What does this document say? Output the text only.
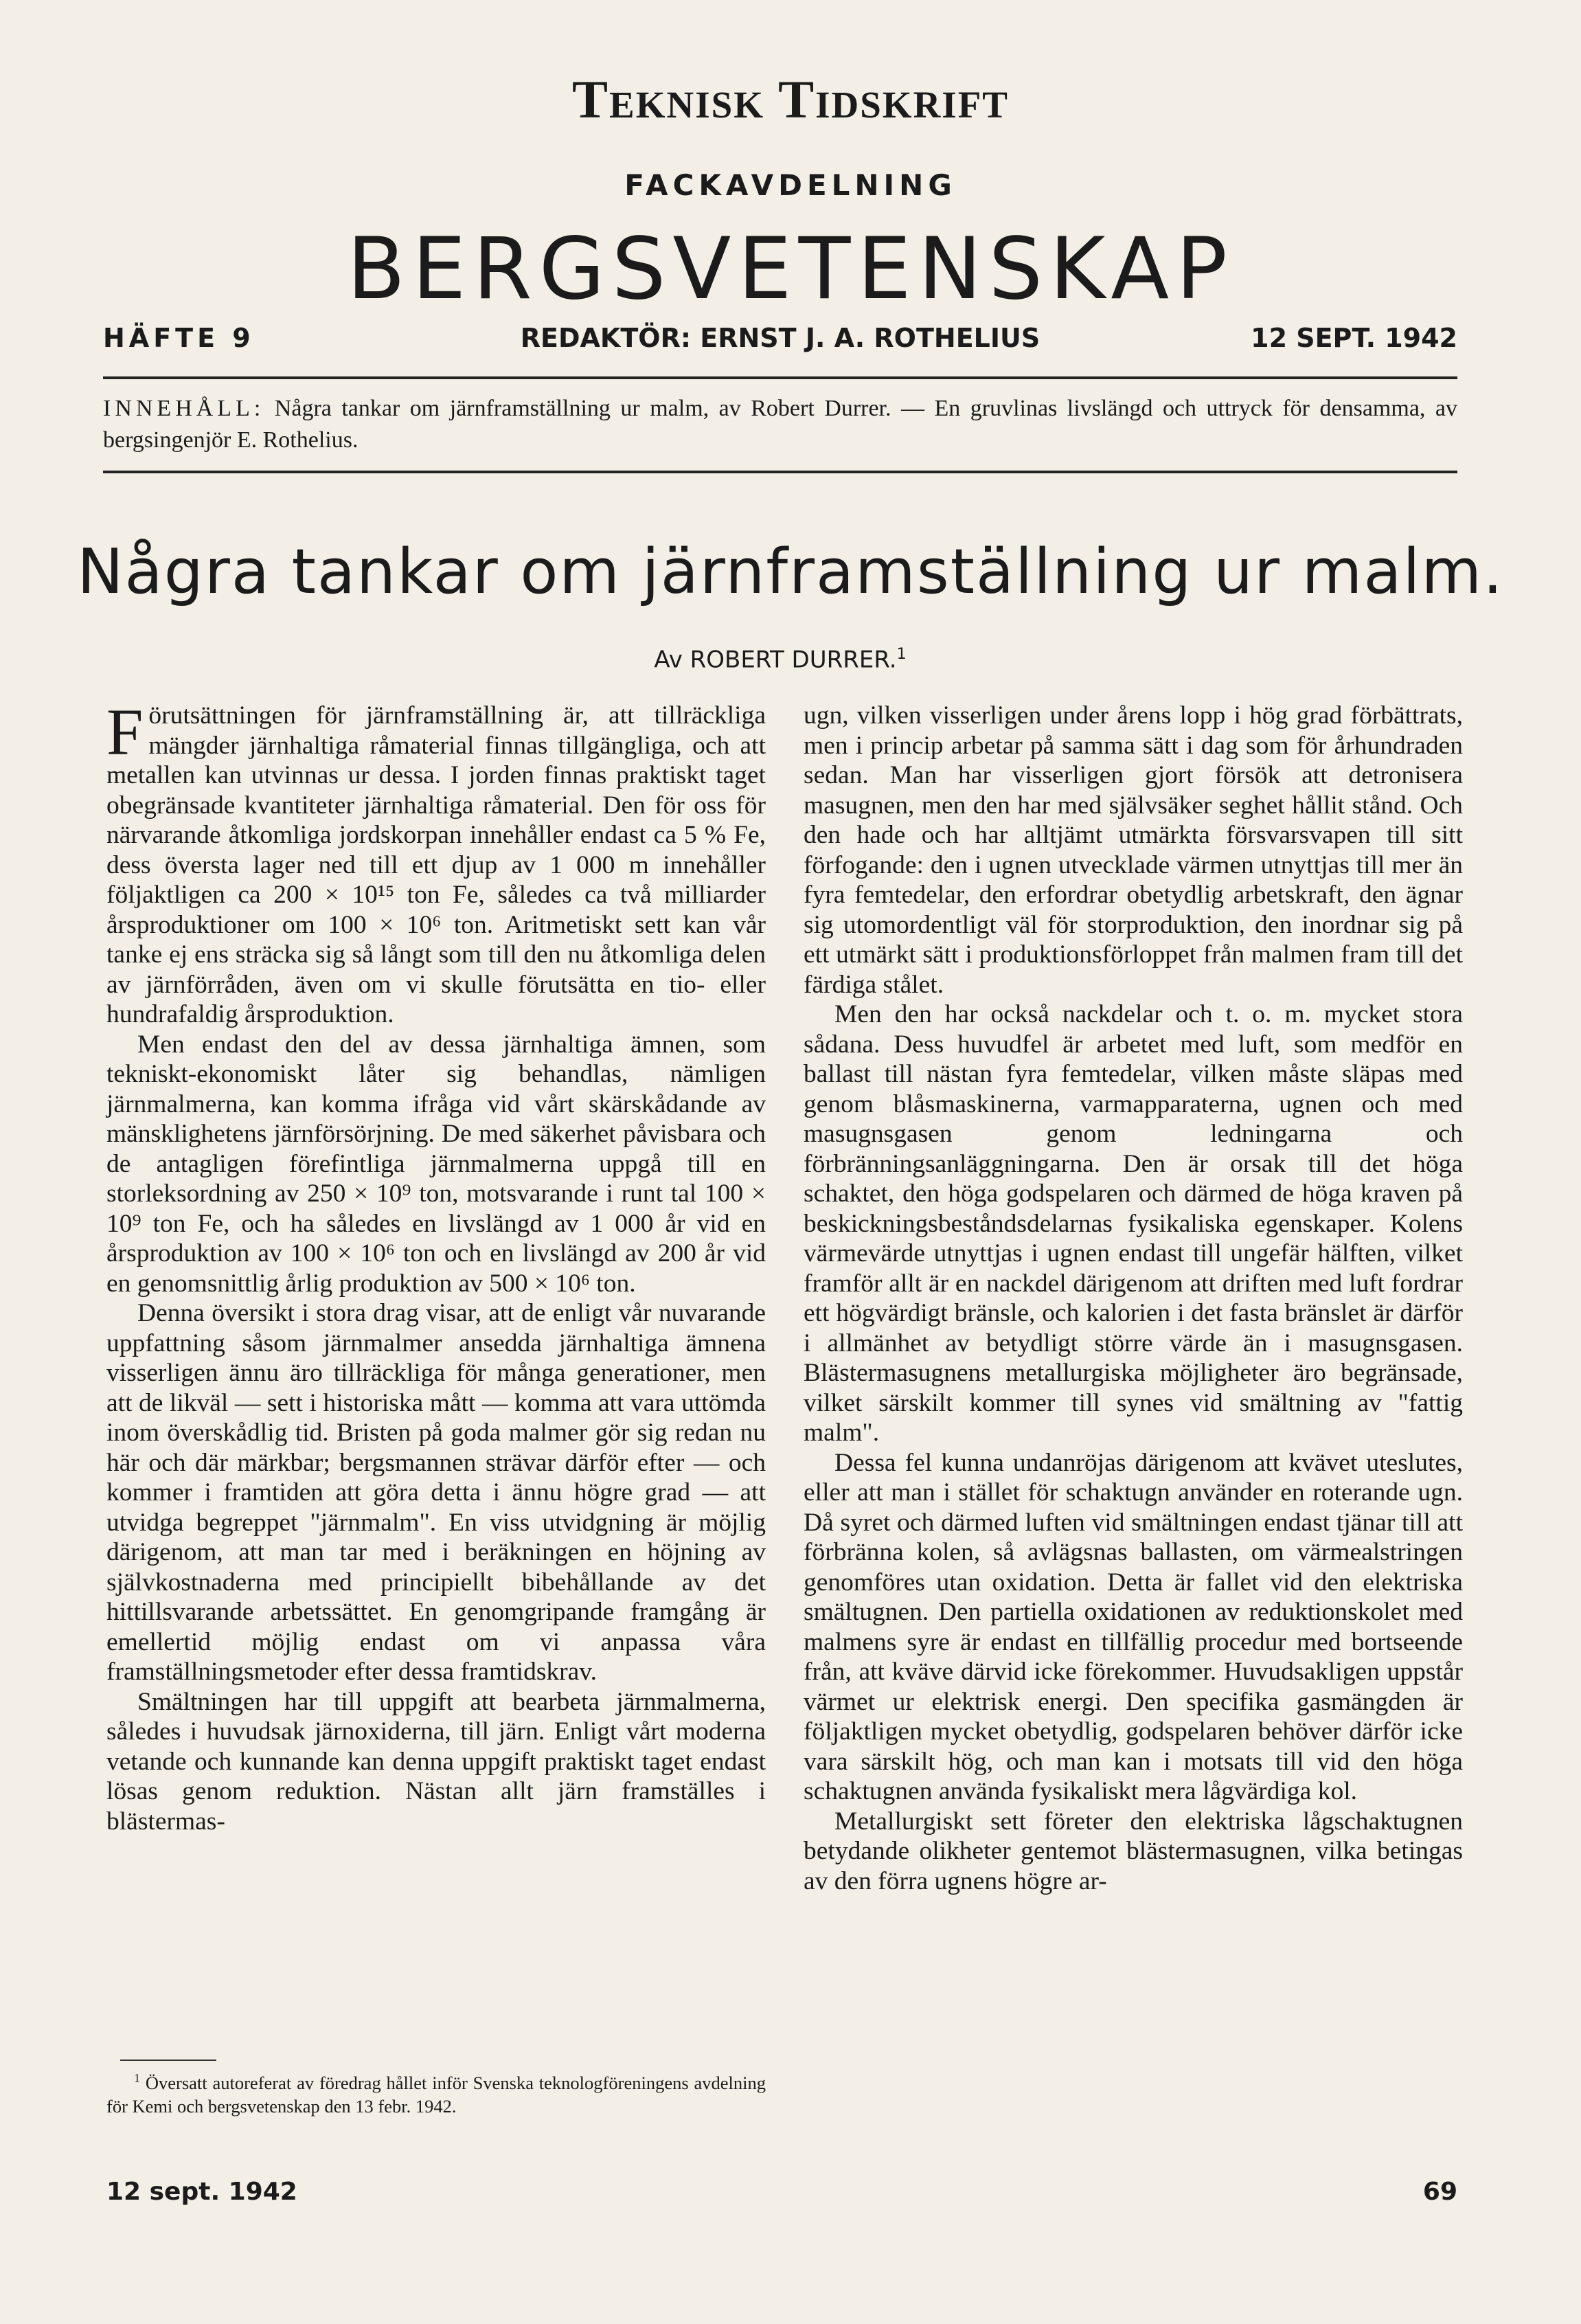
Teknisk Tidskrift
FACKAVDELNING
BERGSVETENSKAP
HÄFTE 9	REDAKTÖR: ERNST J. A. ROTHELIUS	12 SEPT. 1942
INNEHÅLL: Några tankar om järnframställning ur malm, av Robert Durrer. — En gruvlinas livslängd och uttryck för densamma, av bergsingenjör E. Rothelius.
Några tankar om järnframställning ur malm.
Av ROBERT DURRER.$^1$

Förutsättningen för järnframställning är, att tillräckliga mängder järnhaltiga råmaterial finnas tillgängliga, och att metallen kan utvinnas ur dessa. I jorden finnas praktiskt taget obegränsade kvantiteter järnhaltiga råmaterial. Den för oss för närvarande åtkomliga jordskorpan innehåller endast ca 5 % Fe, dess översta lager ned till ett djup av 1 000 m innehåller följaktligen ca 200 × 10¹⁵ ton Fe, således ca två milliarder årsproduktioner om 100 × 10⁶ ton. Aritmetiskt sett kan vår tanke ej ens sträcka sig så långt som till den nu åtkomliga delen av järnförråden, även om vi skulle förutsätta en tio- eller hundrafaldig årsproduktion.

Men endast den del av dessa järnhaltiga ämnen, som tekniskt-ekonomiskt låter sig behandlas, nämligen järnmalmerna, kan komma ifråga vid vårt skärskådande av mänsklighetens järnförsörjning. De med säkerhet påvisbara och de antagligen förefintliga järnmalmerna uppgå till en storleksordning av 250 × 10⁹ ton, motsvarande i runt tal 100 × 10⁹ ton Fe, och ha således en livslängd av 1 000 år vid en årsproduktion av 100 × 10⁶ ton och en livslängd av 200 år vid en genomsnittlig årlig produktion av 500 × 10⁶ ton.

Denna översikt i stora drag visar, att de enligt vår nuvarande uppfattning såsom järnmalmer ansedda järnhaltiga ämnena visserligen ännu äro tillräckliga för många generationer, men att de likväl — sett i historiska mått — komma att vara uttömda inom överskådlig tid. Bristen på goda malmer gör sig redan nu här och där märkbar; bergsmannen strävar därför efter — och kommer i framtiden att göra detta i ännu högre grad — att utvidga begreppet "järnmalm". En viss utvidgning är möjlig därigenom, att man tar med i beräkningen en höjning av självkostnaderna med principiellt bibehållande av det hittillsvarande arbetssättet. En genomgripande framgång är emellertid möjlig endast om vi anpassa våra framställningsmetoder efter dessa framtidskrav.

Smältningen har till uppgift att bearbeta järnmalmerna, således i huvudsak järnoxiderna, till järn. Enligt vårt moderna vetande och kunnande kan denna uppgift praktiskt taget endast lösas genom reduktion. Nästan allt järn framställes i blästermas-

ugn, vilken visserligen under årens lopp i hög grad förbättrats, men i princip arbetar på samma sätt i dag som för århundraden sedan. Man har visserligen gjort försök att detronisera masugnen, men den har med självsäker seghet hållit stånd. Och den hade och har alltjämt utmärkta försvarsvapen till sitt förfogande: den i ugnen utvecklade värmen utnyttjas till mer än fyra femtedelar, den erfordrar obetydlig arbetskraft, den ägnar sig utomordentligt väl för storproduktion, den inordnar sig på ett utmärkt sätt i produktionsförloppet från malmen fram till det färdiga stålet.

Men den har också nackdelar och t. o. m. mycket stora sådana. Dess huvudfel är arbetet med luft, som medför en ballast till nästan fyra femtedelar, vilken måste släpas med genom blåsmaskinerna, varmapparaterna, ugnen och med masugnsgasen genom ledningarna och förbränningsanläggningarna. Den är orsak till det höga schaktet, den höga godspelaren och därmed de höga kraven på beskickningsbeståndsdelarnas fysikaliska egenskaper. Kolens värmevärde utnyttjas i ugnen endast till ungefär hälften, vilket framför allt är en nackdel därigenom att driften med luft fordrar ett högvärdigt bränsle, och kalorien i det fasta bränslet är därför i allmänhet av betydligt större värde än i masugnsgasen. Blästermasugnens metallurgiska möjligheter äro begränsade, vilket särskilt kommer till synes vid smältning av "fattig malm".

Dessa fel kunna undanröjas därigenom att kvävet uteslutes, eller att man i stället för schaktugn använder en roterande ugn. Då syret och därmed luften vid smältningen endast tjänar till att förbränna kolen, så avlägsnas ballasten, om värmealstringen genomföres utan oxidation. Detta är fallet vid den elektriska smältugnen. Den partiella oxidationen av reduktionskolet med malmens syre är endast en tillfällig procedur med bortseende från, att kväve därvid icke förekommer. Huvudsakligen uppstår värmet ur elektrisk energi. Den specifika gasmängden är följaktligen mycket obetydlig, godspelaren behöver därför icke vara särskilt hög, och man kan i motsats till vid den höga schaktugnen använda fysikaliskt mera lågvärdiga kol.

Metallurgiskt sett företer den elektriska lågschaktugnen betydande olikheter gentemot blästermasugnen, vilka betingas av den förra ugnens högre ar-

$^1$ Översatt autoreferat av föredrag hållet inför Svenska teknologföreningens avdelning för Kemi och bergsvetenskap den 13 febr. 1942.
12 sept. 1942	69
